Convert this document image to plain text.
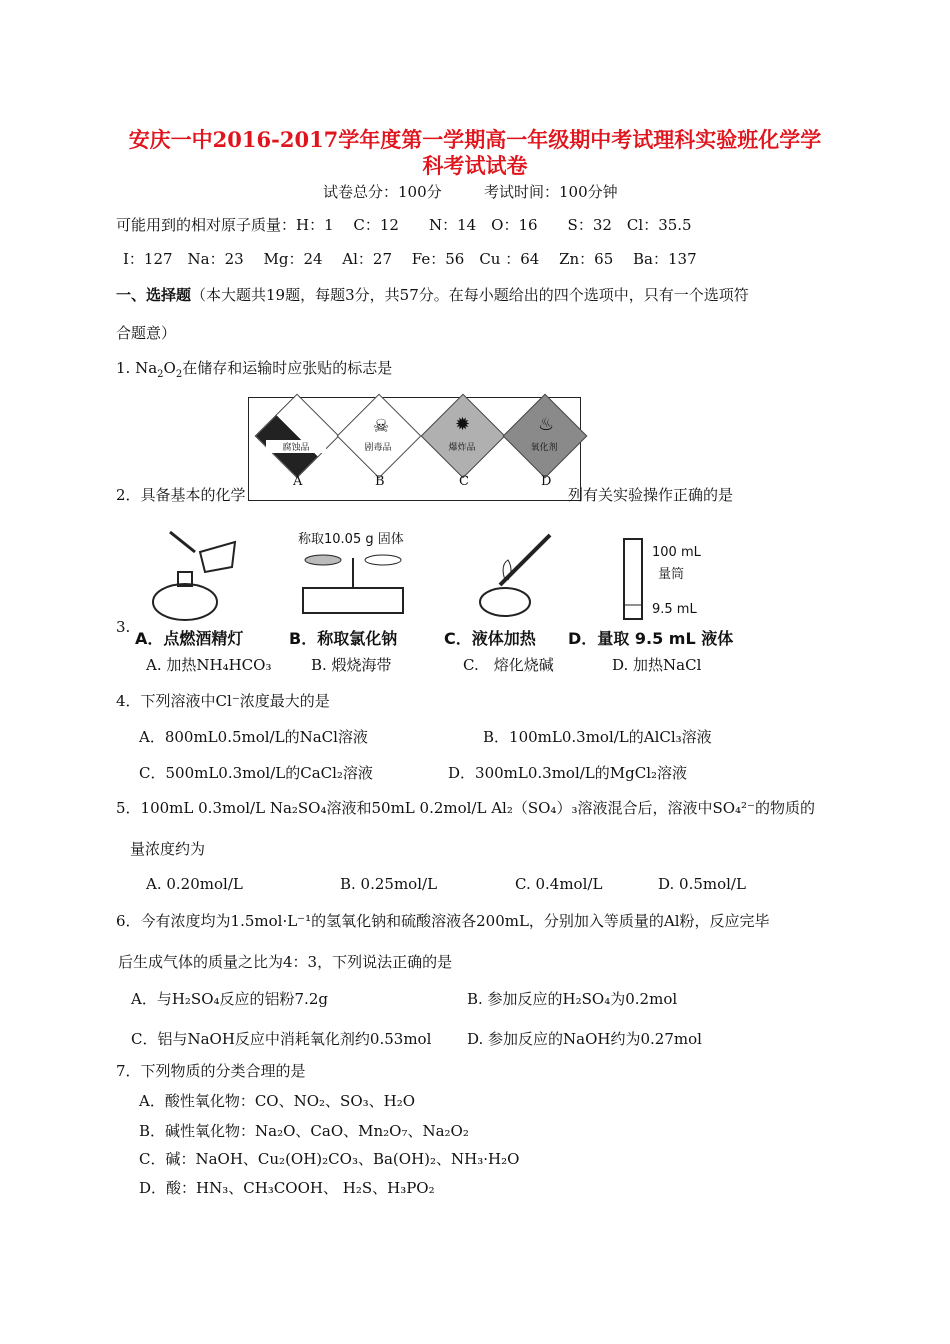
安庆一中2016-2017学年度第一学期高一年级期中考试理科实验班化学学
科考试试卷
试卷总分：100分	考试时间：100分钟
可能用到的相对原子质量：H：1　 C：12　　N：14　O：16　　S：32　Cl：35.5
I：127　Na：23　 Mg：24　 Al：27　 Fe：56　Cu ：64　 Zn：65　 Ba：137
一、选择题（本大题共19题，每题3分，共57分。在每小题给出的四个选项中，只有一个选项符
合题意）
1. $Na_2O_2$在储存和运输时应张贴的标志是
腐蚀品
A
☠
剧毒品
B
✹
爆炸品
C
♨
氧化剂
D
2．具备基本的化学	列有关实验操作正确的是
称取10.05 g 固体
100 mL
量筒
9.5 mL
A．点燃酒精灯	B．称取氯化钠	C．液体加热 D．量取 9.5 mL 液体
3.
A. 加热NH₄HCO₃	B. 煅烧海带	C.　熔化烧碱	D. 加热NaCl
4．下列溶液中Cl⁻浓度最大的是
A．800mL0.5mol/L的NaCl溶液	B．100mL0.3mol/L的AlCl₃溶液
C．500mL0.3mol/L的CaCl₂溶液	D．300mL0.3mol/L的MgCl₂溶液
5．100mL 0.3mol/L Na₂SO₄溶液和50mL 0.2mol/L Al₂（SO₄）₃溶液混合后，溶液中SO₄²⁻的物质的
量浓度约为
A. 0.20mol/L	B. 0.25mol/L	C. 0.4mol/L	D. 0.5mol/L
6．今有浓度均为1.5mol·L⁻¹的氢氧化钠和硫酸溶液各200mL，分别加入等质量的Al粉，反应完毕
后生成气体的质量之比为4：3，下列说法正确的是
A．与H₂SO₄反应的铝粉7.2g	B. 参加反应的H₂SO₄为0.2mol
C．铝与NaOH反应中消耗氧化剂约0.53mol D. 参加反应的NaOH约为0.27mol
7．下列物质的分类合理的是
A．酸性氧化物：CO、NO₂、SO₃、H₂O
B．碱性氧化物：Na₂O、CaO、Mn₂O₇、Na₂O₂
C．碱：NaOH、Cu₂(OH)₂CO₃、Ba(OH)₂、NH₃·H₂O
D．酸：HN₃、CH₃COOH、 H₂S、H₃PO₂
